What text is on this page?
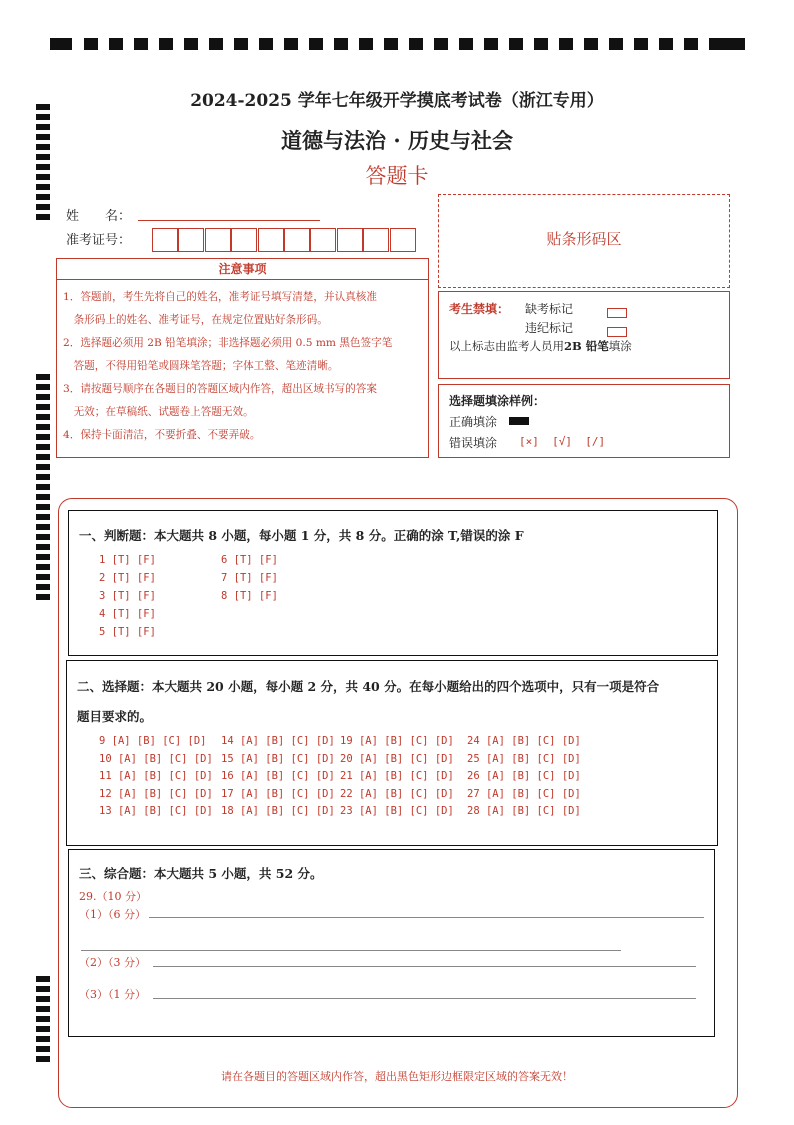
2024-2025 学年七年级开学摸底考试卷（浙江专用）
道德与法治 · 历史与社会
答题卡
姓　　名：
准考证号：
注意事项
1．答题前，考生先将自己的姓名，准考证号填写清楚，并认真核准
　条形码上的姓名、准考证号，在规定位置贴好条形码。
2．选择题必须用 2B 铅笔填涂；非选择题必须用 0.5 mm 黑色签字笔
　答题，不得用铅笔或圆珠笔答题；字体工整、笔迹清晰。
3．请按题号顺序在各题目的答题区域内作答，超出区域书写的答案
　无效；在草稿纸、试题卷上答题无效。
4．保持卡面清洁，不要折叠、不要弄破。
贴条形码区
考生禁填： 缺考标记
违纪标记
以上标志由监考人员用2B 铅笔填涂
选择题填涂样例：
正确填涂
错误填涂 [×]  [√]  [/]
一、判断题：本大题共 8 小题，每小题 1 分，共 8 分。正确的涂 T,错误的涂 F
1 [T] [F]
2 [T] [F]
3 [T] [F]
4 [T] [F]
5 [T] [F]
6 [T] [F]
7 [T] [F]
8 [T] [F]
二、选择题：本大题共 20 小题，每小题 2 分，共 40 分。在每小题给出的四个选项中，只有一项是符合
题目要求的。
9 [A] [B] [C] [D]
10 [A] [B] [C] [D]
11 [A] [B] [C] [D]
12 [A] [B] [C] [D]
13 [A] [B] [C] [D]
14 [A] [B] [C] [D]
15 [A] [B] [C] [D]
16 [A] [B] [C] [D]
17 [A] [B] [C] [D]
18 [A] [B] [C] [D]
19 [A] [B] [C] [D]
20 [A] [B] [C] [D]
21 [A] [B] [C] [D]
22 [A] [B] [C] [D]
23 [A] [B] [C] [D]
24 [A] [B] [C] [D]
25 [A] [B] [C] [D]
26 [A] [B] [C] [D]
27 [A] [B] [C] [D]
28 [A] [B] [C] [D]
三、综合题：本大题共 5 小题，共 52 分。
29.（10 分）
（1）（6 分）
（2）（3 分）
（3）（1 分）
请在各题目的答题区域内作答，超出黑色矩形边框限定区域的答案无效！
